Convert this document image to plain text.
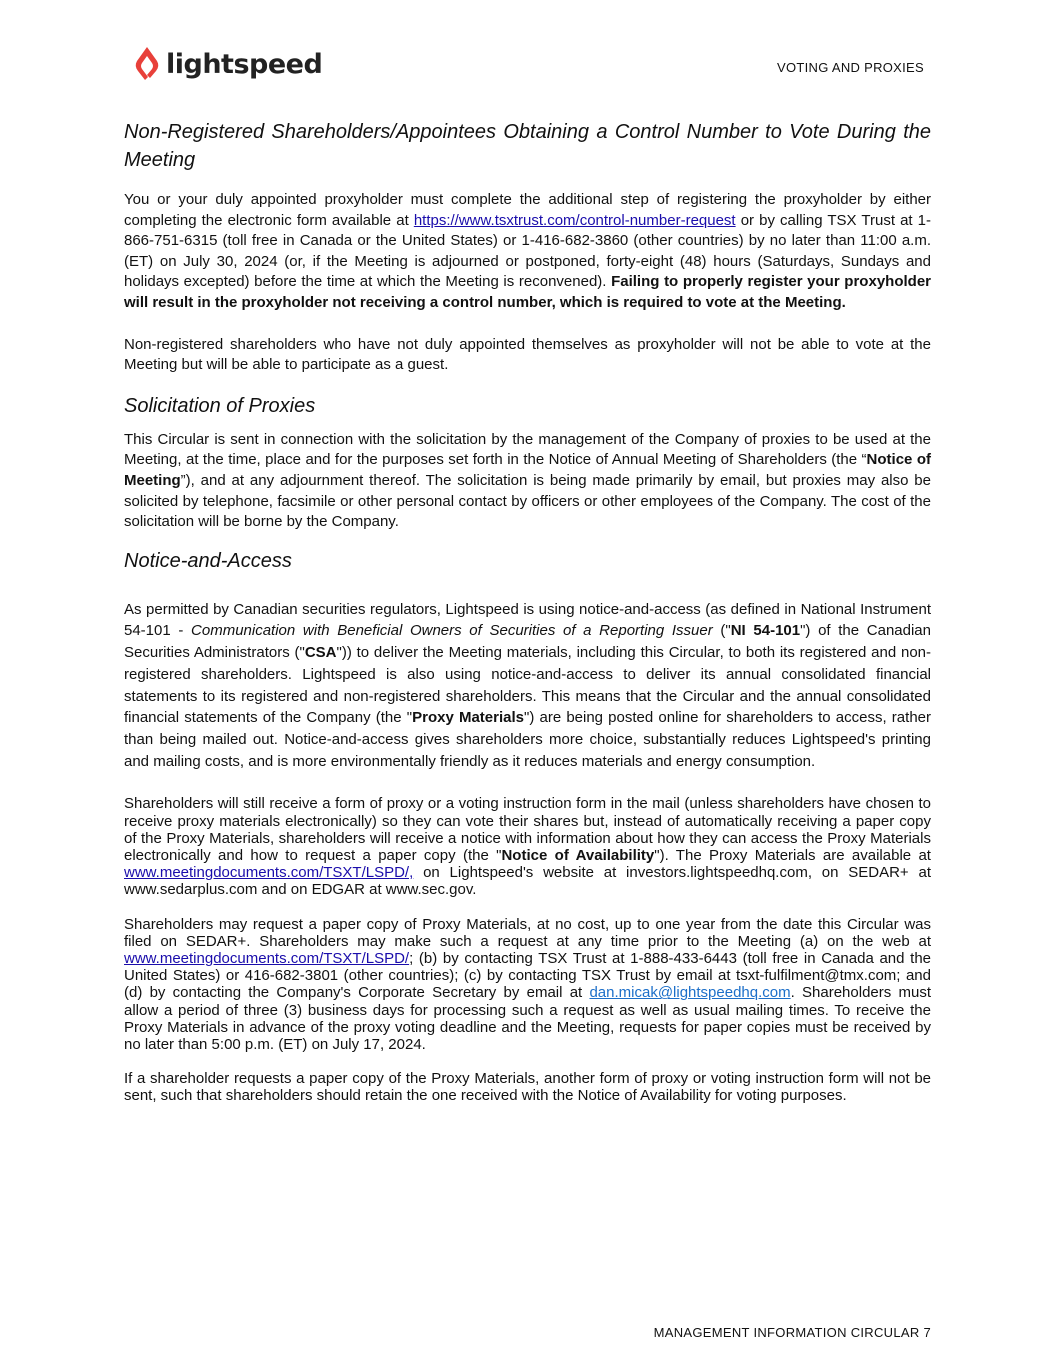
lightspeed	VOTING AND PROXIES
Non-Registered Shareholders/Appointees Obtaining a Control Number to Vote During the Meeting

You or your duly appointed proxyholder must complete the additional step of registering the proxyholder by either completing the electronic form available at https://www.tsxtrust.com/control-number-request or by calling TSX Trust at 1-866-751-6315 (toll free in Canada or the United States) or 1-416-682-3860 (other countries) by no later than 11:00 a.m. (ET) on July 30, 2024 (or, if the Meeting is adjourned or postponed, forty-eight (48) hours (Saturdays, Sundays and holidays excepted) before the time at which the Meeting is reconvened). Failing to properly register your proxyholder will result in the proxyholder not receiving a control number, which is required to vote at the Meeting.

Non-registered shareholders who have not duly appointed themselves as proxyholder will not be able to vote at the Meeting but will be able to participate as a guest.

Solicitation of Proxies

This Circular is sent in connection with the solicitation by the management of the Company of proxies to be used at the Meeting, at the time, place and for the purposes set forth in the Notice of Annual Meeting of Shareholders (the “Notice of Meeting”), and at any adjournment thereof. The solicitation is being made primarily by email, but proxies may also be solicited by telephone, facsimile or other personal contact by officers or other employees of the Company. The cost of the solicitation will be borne by the Company.

Notice-and-Access

As permitted by Canadian securities regulators, Lightspeed is using notice-and-access (as defined in National Instrument 54-101 - Communication with Beneficial Owners of Securities of a Reporting Issuer ("NI 54-101") of the Canadian Securities Administrators ("CSA")) to deliver the Meeting materials, including this Circular, to both its registered and non-registered shareholders. Lightspeed is also using notice-and-access to deliver its annual consolidated financial statements to its registered and non-registered shareholders. This means that the Circular and the annual consolidated financial statements of the Company (the "Proxy Materials") are being posted online for shareholders to access, rather than being mailed out. Notice-and-access gives shareholders more choice, substantially reduces Lightspeed's printing and mailing costs, and is more environmentally friendly as it reduces materials and energy consumption.

Shareholders will still receive a form of proxy or a voting instruction form in the mail (unless shareholders have chosen to receive proxy materials electronically) so they can vote their shares but, instead of automatically receiving a paper copy of the Proxy Materials, shareholders will receive a notice with information about how they can access the Proxy Materials electronically and how to request a paper copy (the "Notice of Availability"). The Proxy Materials are available at www.meetingdocuments.com/TSXT/LSPD/, on Lightspeed's website at investors.lightspeedhq.com, on SEDAR+ at www.sedarplus.com and on EDGAR at www.sec.gov.

Shareholders may request a paper copy of Proxy Materials, at no cost, up to one year from the date this Circular was filed on SEDAR+. Shareholders may make such a request at any time prior to the Meeting (a) on the web at www.meetingdocuments.com/TSXT/LSPD/; (b) by contacting TSX Trust at 1-888-433-6443 (toll free in Canada and the United States) or 416-682-3801 (other countries); (c) by contacting TSX Trust by email at tsxt-fulfilment@tmx.com; and (d) by contacting the Company's Corporate Secretary by email at dan.micak@lightspeedhq.com. Shareholders must allow a period of three (3) business days for processing such a request as well as usual mailing times. To receive the Proxy Materials in advance of the proxy voting deadline and the Meeting, requests for paper copies must be received by no later than 5:00 p.m. (ET) on July 17, 2024.

If a shareholder requests a paper copy of the Proxy Materials, another form of proxy or voting instruction form will not be sent, such that shareholders should retain the one received with the Notice of Availability for voting purposes.

MANAGEMENT INFORMATION CIRCULAR 7
